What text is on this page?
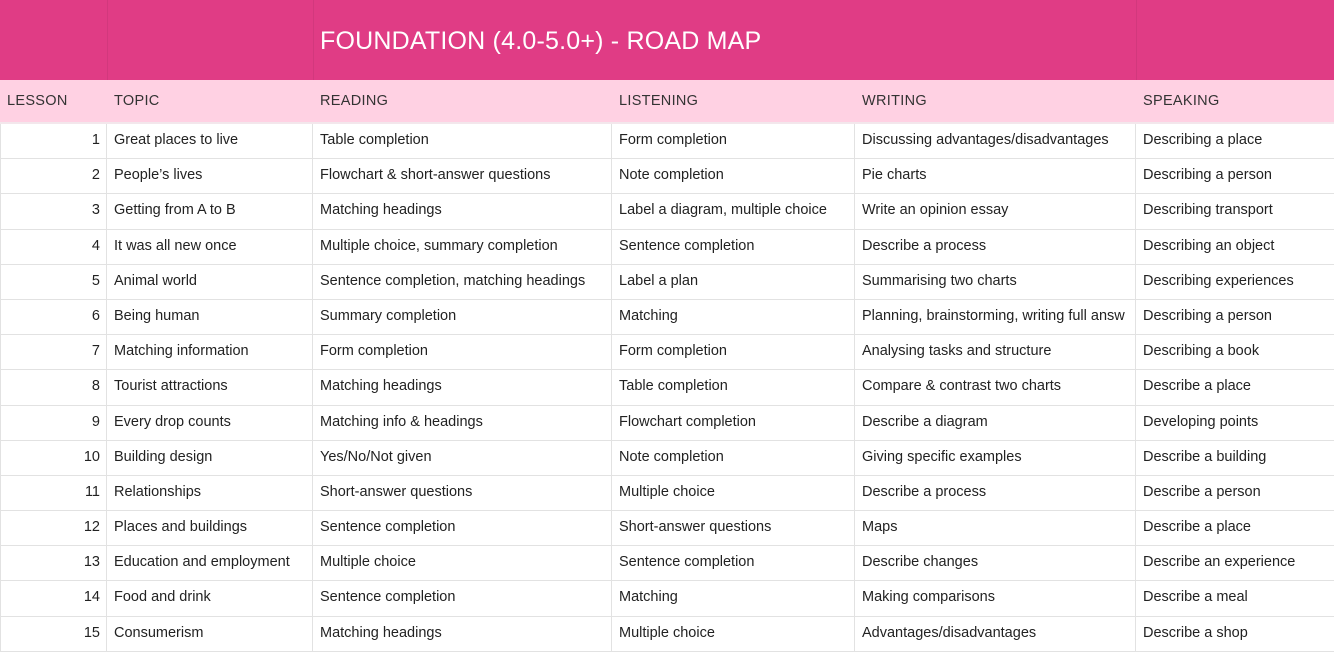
FOUNDATION (4.0-5.0+) - ROAD MAP
LESSON	TOPIC	READING	LISTENING	WRITING	SPEAKING
1 Great places to live	Table completion	Form completion	Discussing advantages/disadvantages	Describing a place
2 People’s lives	Flowchart & short-answer questions	Note completion	Pie charts	Describing a person
3 Getting from A to B	Matching headings	Label a diagram, multiple choice	Write an opinion essay	Describing transport
4 It was all new once	Multiple choice, summary completion	Sentence completion	Describe a process	Describing an object
5 Animal world	Sentence completion, matching headings	Label a plan	Summarising two charts	Describing experiences
6 Being human	Summary completion	Matching	Planning, brainstorming, writing full answ	Describing a person
7 Matching information	Form completion	Form completion	Analysing tasks and structure	Describing a book
8 Tourist attractions	Matching headings	Table completion	Compare & contrast two charts	Describe a place
9 Every drop counts	Matching info & headings	Flowchart completion	Describe a diagram	Developing points
10 Building design	Yes/No/Not given	Note completion	Giving specific examples	Describe a building
11 Relationships	Short-answer questions	Multiple choice	Describe a process	Describe a person
12 Places and buildings	Sentence completion	Short-answer questions	Maps	Describe a place
13 Education and employment	Multiple choice	Sentence completion	Describe changes	Describe an experience
14 Food and drink	Sentence completion	Matching	Making comparisons	Describe a meal
15 Consumerism	Matching headings	Multiple choice	Advantages/disadvantages	Describe a shop
